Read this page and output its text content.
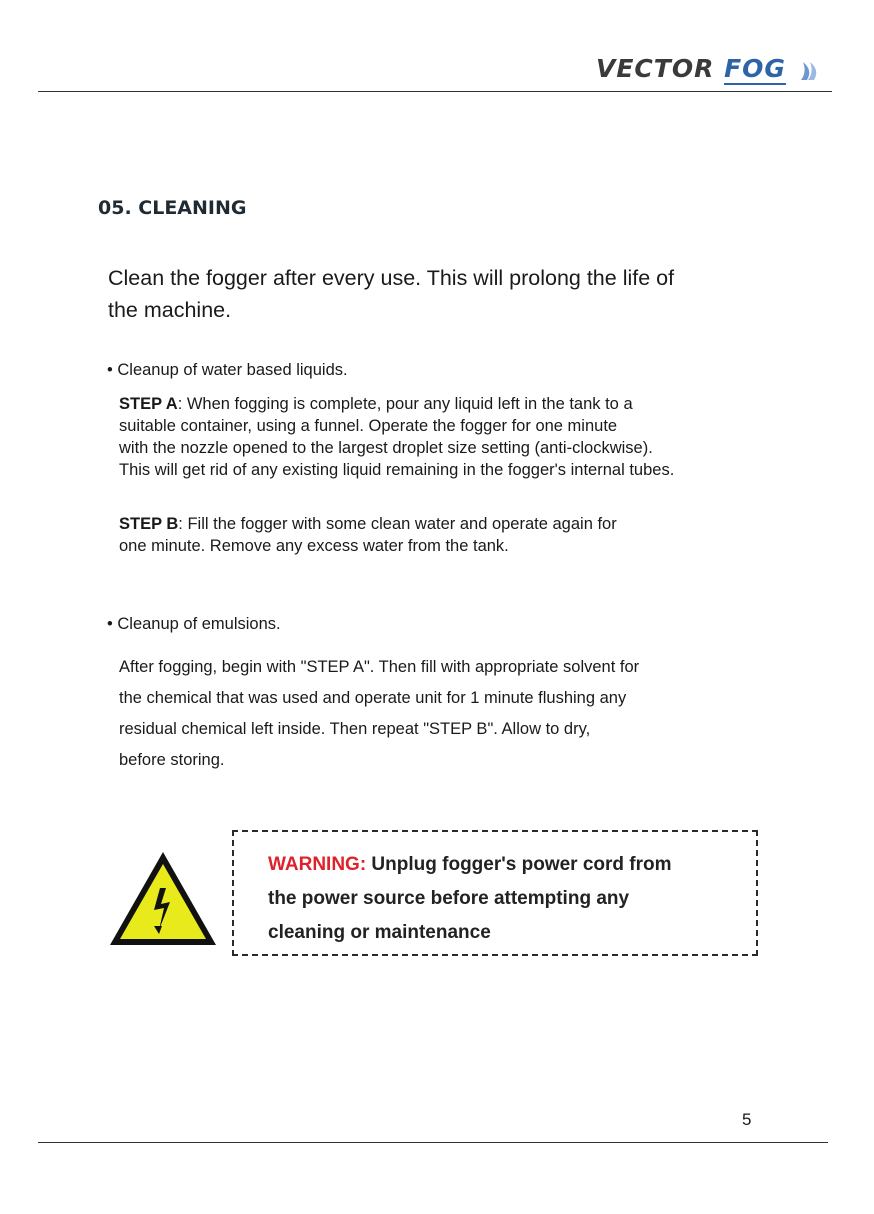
VECTOR FOG
05. CLEANING
Clean the fogger after every use. This will prolong the life of
the machine.
• Cleanup of water based liquids.
STEP A: When fogging is complete, pour any liquid left in the tank to a
suitable container, using a funnel. Operate the fogger for one minute
with the nozzle opened to the largest droplet size setting (anti-clockwise).
This will get rid of any existing liquid remaining in the fogger's internal tubes.
STEP B: Fill the fogger with some clean water and operate again for
one minute. Remove any excess water from the tank.
• Cleanup of emulsions.
After fogging, begin with "STEP A". Then fill with appropriate solvent for
the chemical that was used and operate unit for 1 minute flushing any
residual chemical left inside. Then repeat "STEP B". Allow to dry,
before storing.
WARNING: Unplug fogger's power cord from
the power source before attempting any
cleaning or maintenance
5
